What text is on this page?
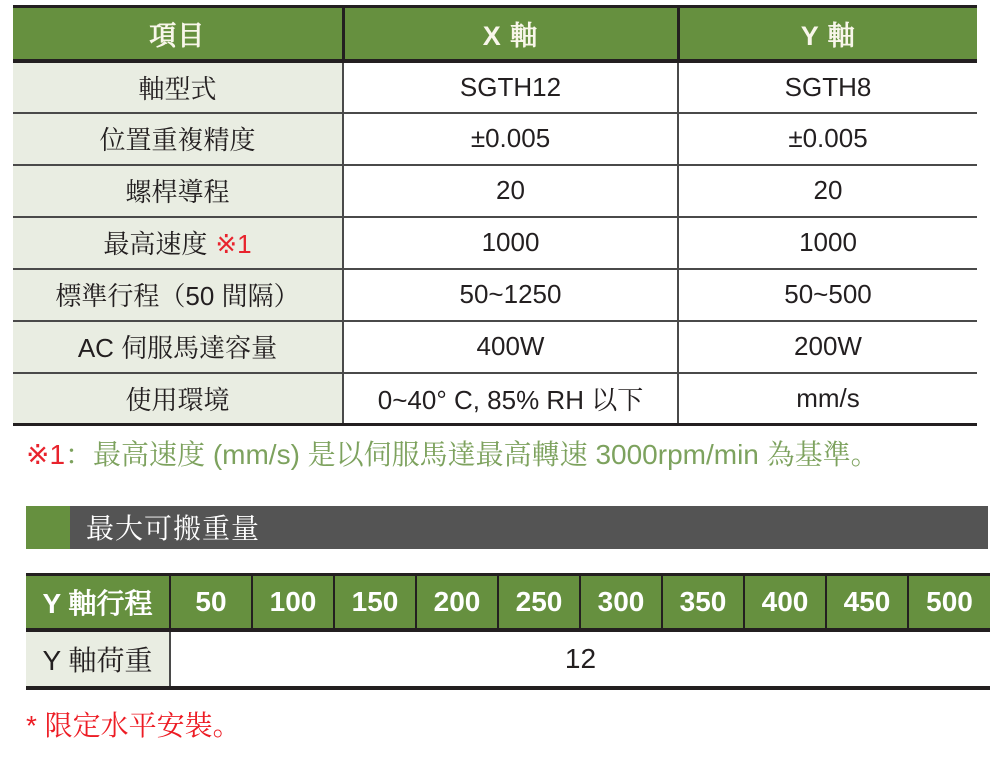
項目	X 軸	Y 軸
軸型式	SGTH12	SGTH8
位置重複精度	±0.005	±0.005
螺桿導程	20	20
最高速度 ※1	1000	1000
標準行程（50 間隔）	50~1250	50~500
AC 伺服馬達容量	400W	200W
使用環境	0~40° C, 85% RH 以下	mm/s
※1：最高速度 (mm/s) 是以伺服馬達最高轉速 3000rpm/min 為基準。
最大可搬重量
Y 軸行程	50	100	150	200	250	300	350	400	450	500
Y 軸荷重	12									
* 限定水平安裝。
